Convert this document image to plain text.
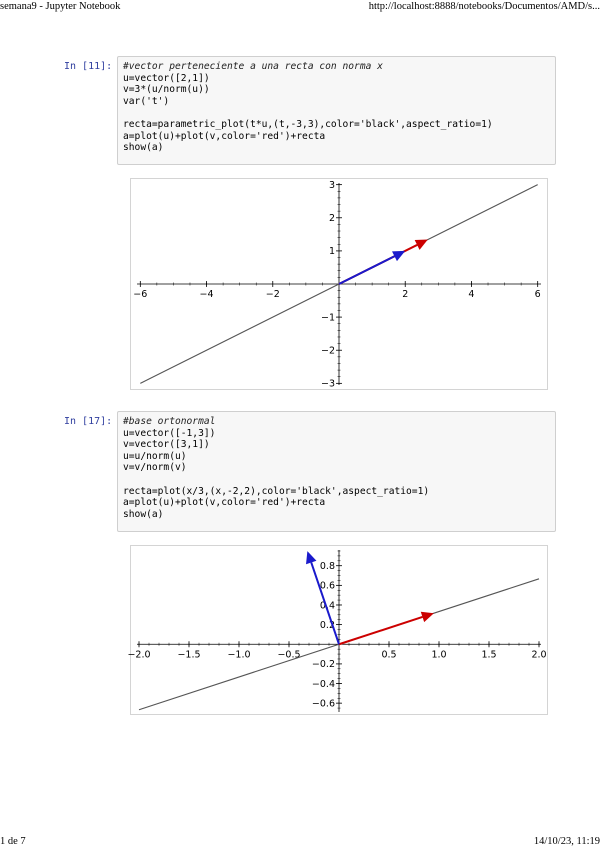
semana9 - Jupyter Notebook	http://localhost:8888/notebooks/Documentos/AMD/s...
In [11]:	#vector perteneciente a una recta con norma x
u=vector([2,1])
v=3*(u/norm(u))
var('t')
recta=parametric_plot(t*u,(t,-3,3),color='black',aspect_ratio=1)
a=plot(u)+plot(v,color='red')+recta
show(a)
−6	−4	−2	2	4	6
−3
−2
−1
1
2
3
In [17]:	#base ortonormal
u=vector([-1,3])
v=vector([3,1])
u=u/norm(u)
v=v/norm(v)
recta=plot(x/3,(x,-2,2),color='black',aspect_ratio=1)
a=plot(u)+plot(v,color='red')+recta
show(a)
−2.0	−1.5	−1.0	−0.5	0.5	1.0	1.5	2.0
−0.6
−0.4
−0.2
0.2
0.4
0.6
0.8
1 de 7	14/10/23, 11:19
